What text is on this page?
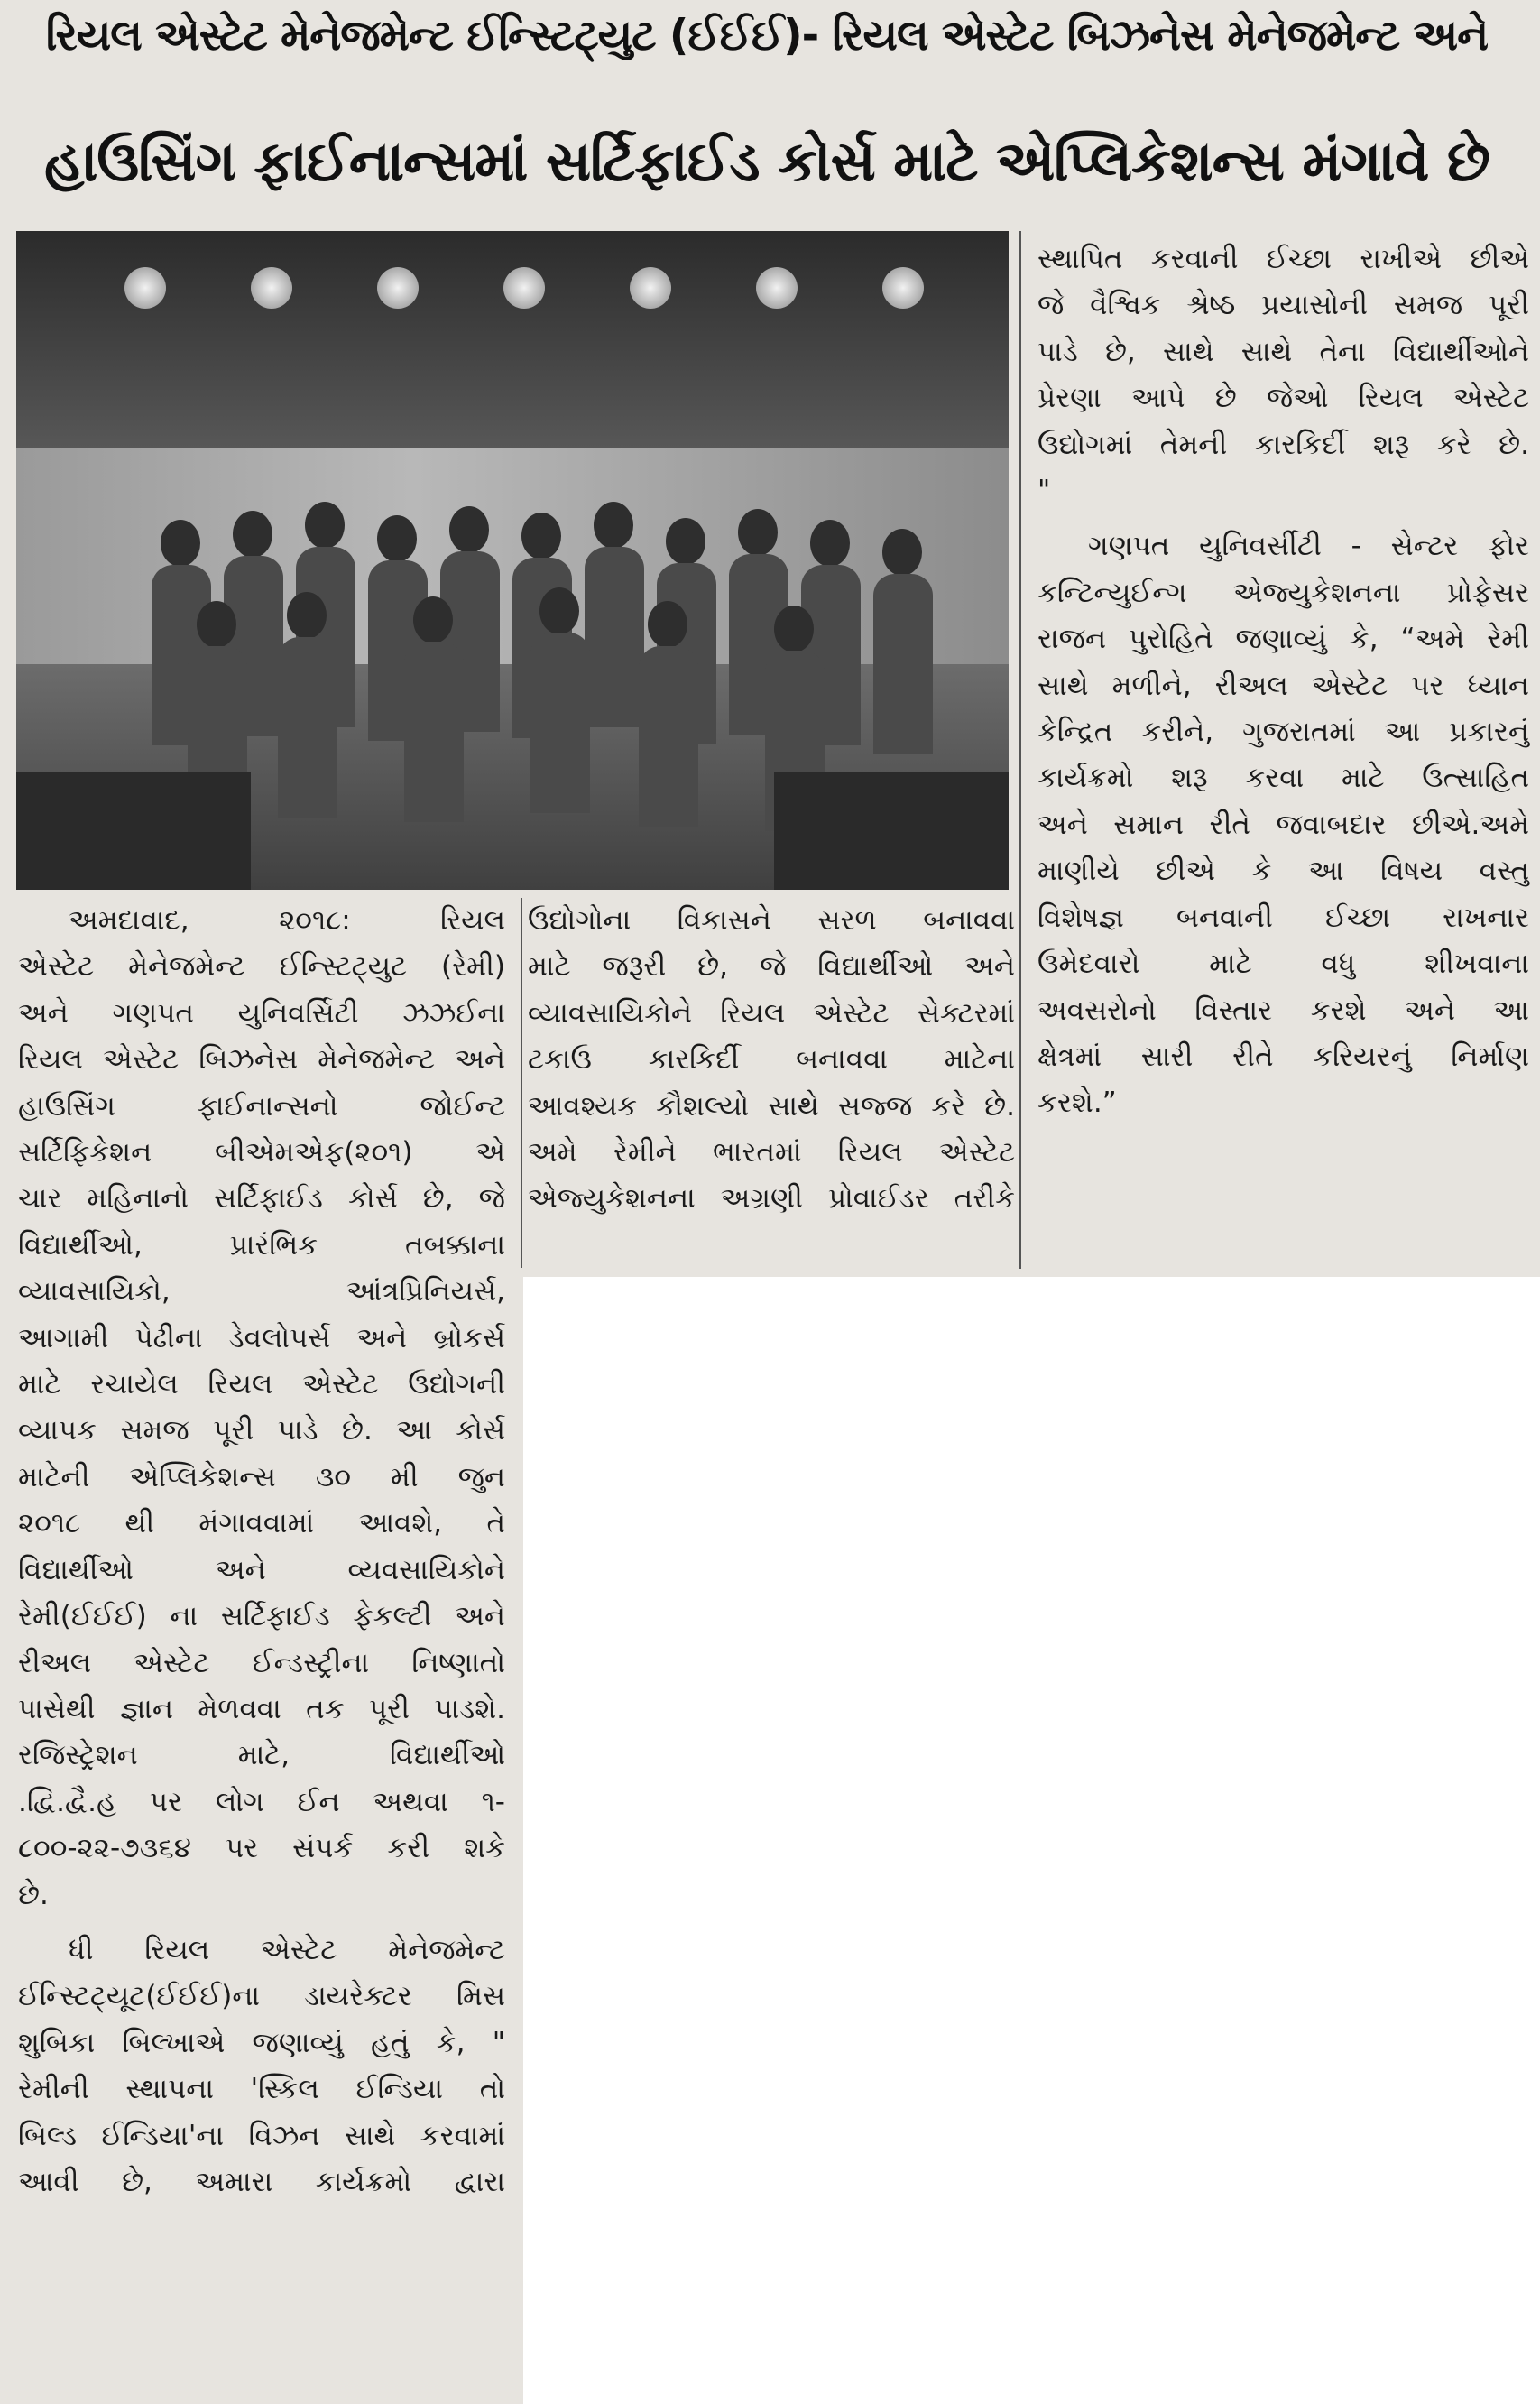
રિયલ એસ્ટેટ મેનેજમેન્ટ ઈન્સ્ટિટ્યુટ (ઈઈઈ)- રિયલ એસ્ટેટ બિઝનેસ મેનેજમેન્ટ અને
હાઉસિંગ ફાઈનાન્સમાં સર્ટિફાઈડ કોર્સ માટે એપ્લિકેશન્સ મંગાવે છે

અમદાવાદ, ૨૦૧૮: રિયલ

એસ્ટેટ મેનેજમેન્ટ ઈન્સ્ટિટ્યુટ (રેમી)

અને ગણપત યુનિવર્સિટી ઝઝઈના

રિયલ એસ્ટેટ બિઝનેસ મેનેજમેન્ટ અને

હાઉસિંગ ફાઈનાન્સનો જોઈન્ટ

સર્ટિફિકેશન બીએમએફ(૨૦૧) એ

ચાર મહિનાનો સર્ટિફાઈડ કોર્સ છે, જે

વિદ્યાર્થીઓ, પ્રારંભિક તબક્કાના

વ્યાવસાયિકો, આંત્રપ્રિનિયર્સ,

આગામી પેઢીના ડેવલોપર્સ અને બ્રોકર્સ

માટે રચાયેલ રિયલ એસ્ટેટ ઉદ્યોગની

વ્યાપક સમજ પૂરી પાડે છે. આ કોર્સ

માટેની એપ્લિકેશન્સ ૩૦ મી જુન

૨૦૧૮ થી મંગાવવામાં આવશે, તે

વિદ્યાર્થીઓ અને વ્યવસાયિકોને

રેમી(ઈઈઈ) ના સર્ટિફાઈડ ફેકલ્ટી અને

રીઅલ એસ્ટેટ ઈન્ડસ્ટ્રીના નિષ્ણાતો

પાસેથી જ્ઞાન મેળવવા તક પૂરી પાડશે.

રજિસ્ટ્રેશન માટે, વિદ્યાર્થીઓ

.દ્વિ.દ્વૈ.હ પર લોગ ઈન અથવા ૧-

૮૦૦-૨૨-૭૩૬૪ પર સંપર્ક કરી શકે

છે.

ધી રિયલ એસ્ટેટ મેનેજમેન્ટ

ઈન્સ્ટિટ્યૂટ(ઈઈઈ)ના ડાયરેક્ટર મિસ

શુબિકા બિલ્ખાએ જણાવ્યું હતું કે, "

રેમીની સ્થાપના 'સ્કિલ ઈન્ડિયા તો

બિલ્ડ ઈન્ડિયા'ના વિઝન સાથે કરવામાં

આવી છે, અમારા કાર્યક્રમો દ્વારા

ઉદ્યોગોના વિકાસને સરળ બનાવવા

માટે જરૂરી છે, જે વિદ્યાર્થીઓ અને

વ્યાવસાયિકોને રિયલ એસ્ટેટ સેક્ટરમાં

ટકાઉ કારકિર્દી બનાવવા માટેના

આવશ્યક કૌશલ્યો સાથે સજ્જ કરે છે.

અમે રેમીને ભારતમાં રિયલ એસ્ટેટ

એજ્યુકેશનના અગ્રણી પ્રોવાઈડર તરીકે

સ્થાપિત કરવાની ઈચ્છા રાખીએ છીએ

જે વૈશ્વિક શ્રેષ્ઠ પ્રયાસોની સમજ પૂરી

પાડે છે, સાથે સાથે તેના વિદ્યાર્થીઓને

પ્રેરણા આપે છે જેઓ રિયલ એસ્ટેટ

ઉદ્યોગમાં તેમની કારકિર્દી શરૂ કરે છે.

"

ગણપત યુનિવર્સીટી - સેન્ટર ફોર

કન્ટિન્યુઈન્ગ એજ્યુકેશનના પ્રોફેસર

રાજન પુરોહિતે જણાવ્યું કે, “અમે રેમી

સાથે મળીને, રીઅલ એસ્ટેટ પર ધ્યાન

કેન્દ્રિત કરીને, ગુજરાતમાં આ પ્રકારનું

કાર્યક્રમો શરૂ કરવા માટે ઉત્સાહિત

અને સમાન રીતે જવાબદાર છીએ.અમે

માણીયે છીએ કે આ વિષય વસ્તુ

વિશેષજ્ઞ બનવાની ઈચ્છા રાખનાર

ઉમેદવારો માટે વધુ શીખવાના

અવસરોનો વિસ્તાર કરશે અને આ

ક્ષેત્રમાં સારી રીતે કરિયરનું નિર્માણ

કરશે.”
